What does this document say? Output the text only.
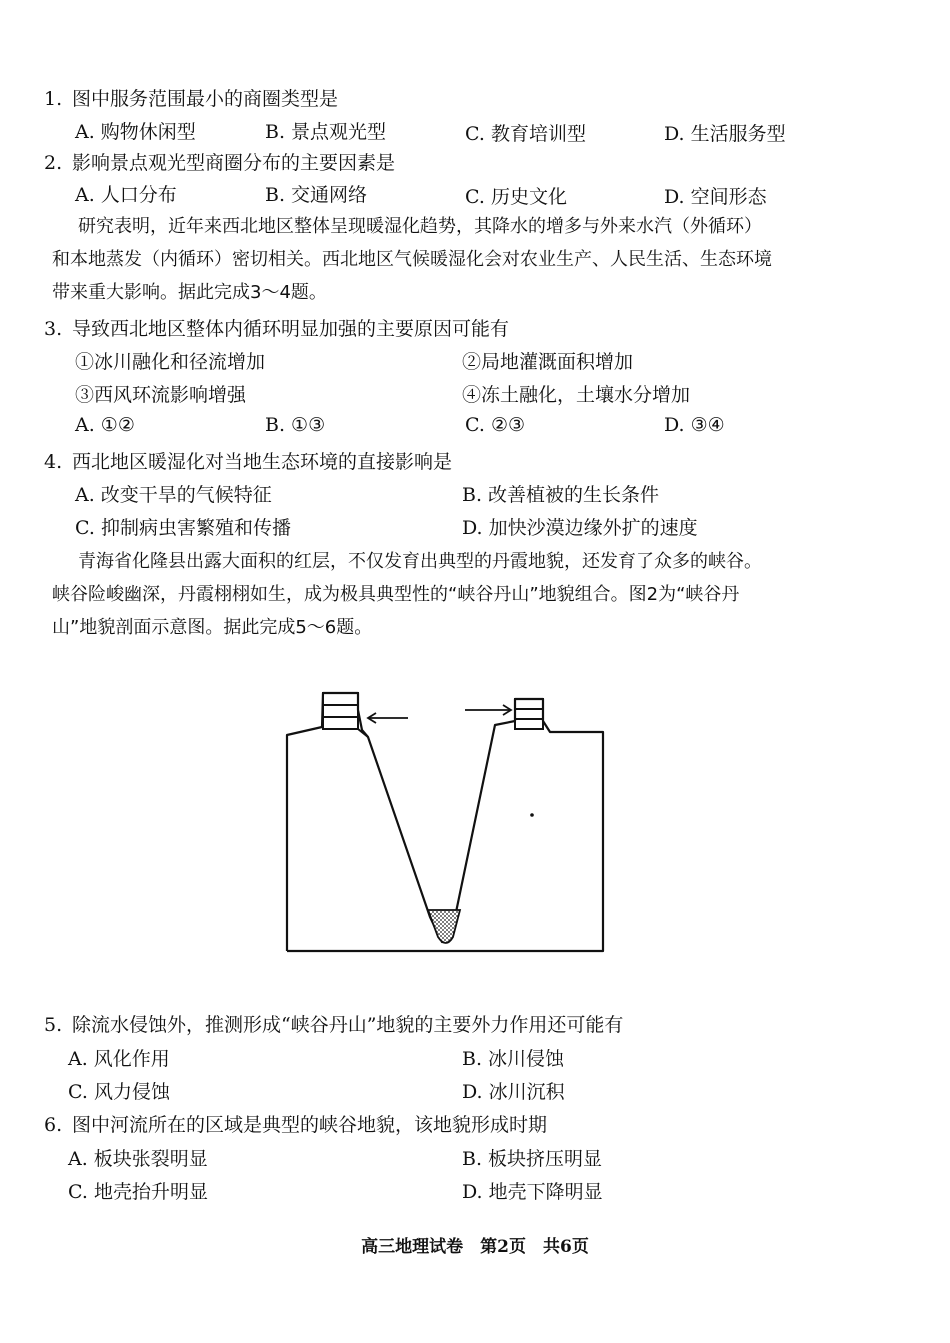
1. 图中服务范围最小的商圈类型是
A. 购物休闲型	B. 景点观光型	C. 教育培训型	D. 生活服务型
2. 影响景点观光型商圈分布的主要因素是
A. 人口分布	B. 交通网络	C. 历史文化	D. 空间形态
研究表明，近年来西北地区整体呈现暖湿化趋势，其降水的增多与外来水汽（外循环）
和本地蒸发（内循环）密切相关。西北地区气候暖湿化会对农业生产、人民生活、生态环境
带来重大影响。据此完成3～4题。
3. 导致西北地区整体内循环明显加强的主要原因可能有
①冰川融化和径流增加	②局地灌溉面积增加
③西风环流影响增强	④冻土融化，土壤水分增加
A. ①②	B. ①③	C. ②③	D. ③④
4. 西北地区暖湿化对当地生态环境的直接影响是
A. 改变干旱的气候特征	B. 改善植被的生长条件
C. 抑制病虫害繁殖和传播	D. 加快沙漠边缘外扩的速度
青海省化隆县出露大面积的红层，不仅发育出典型的丹霞地貌，还发育了众多的峡谷。
峡谷险峻幽深，丹霞栩栩如生，成为极具典型性的“峡谷丹山”地貌组合。图2为“峡谷丹
山”地貌剖面示意图。据此完成5～6题。
5. 除流水侵蚀外，推测形成“峡谷丹山”地貌的主要外力作用还可能有
A. 风化作用	B. 冰川侵蚀
C. 风力侵蚀	D. 冰川沉积
6. 图中河流所在的区域是典型的峡谷地貌，该地貌形成时期
A. 板块张裂明显	B. 板块挤压明显
C. 地壳抬升明显	D. 地壳下降明显
高三地理试卷　第2页　共6页
